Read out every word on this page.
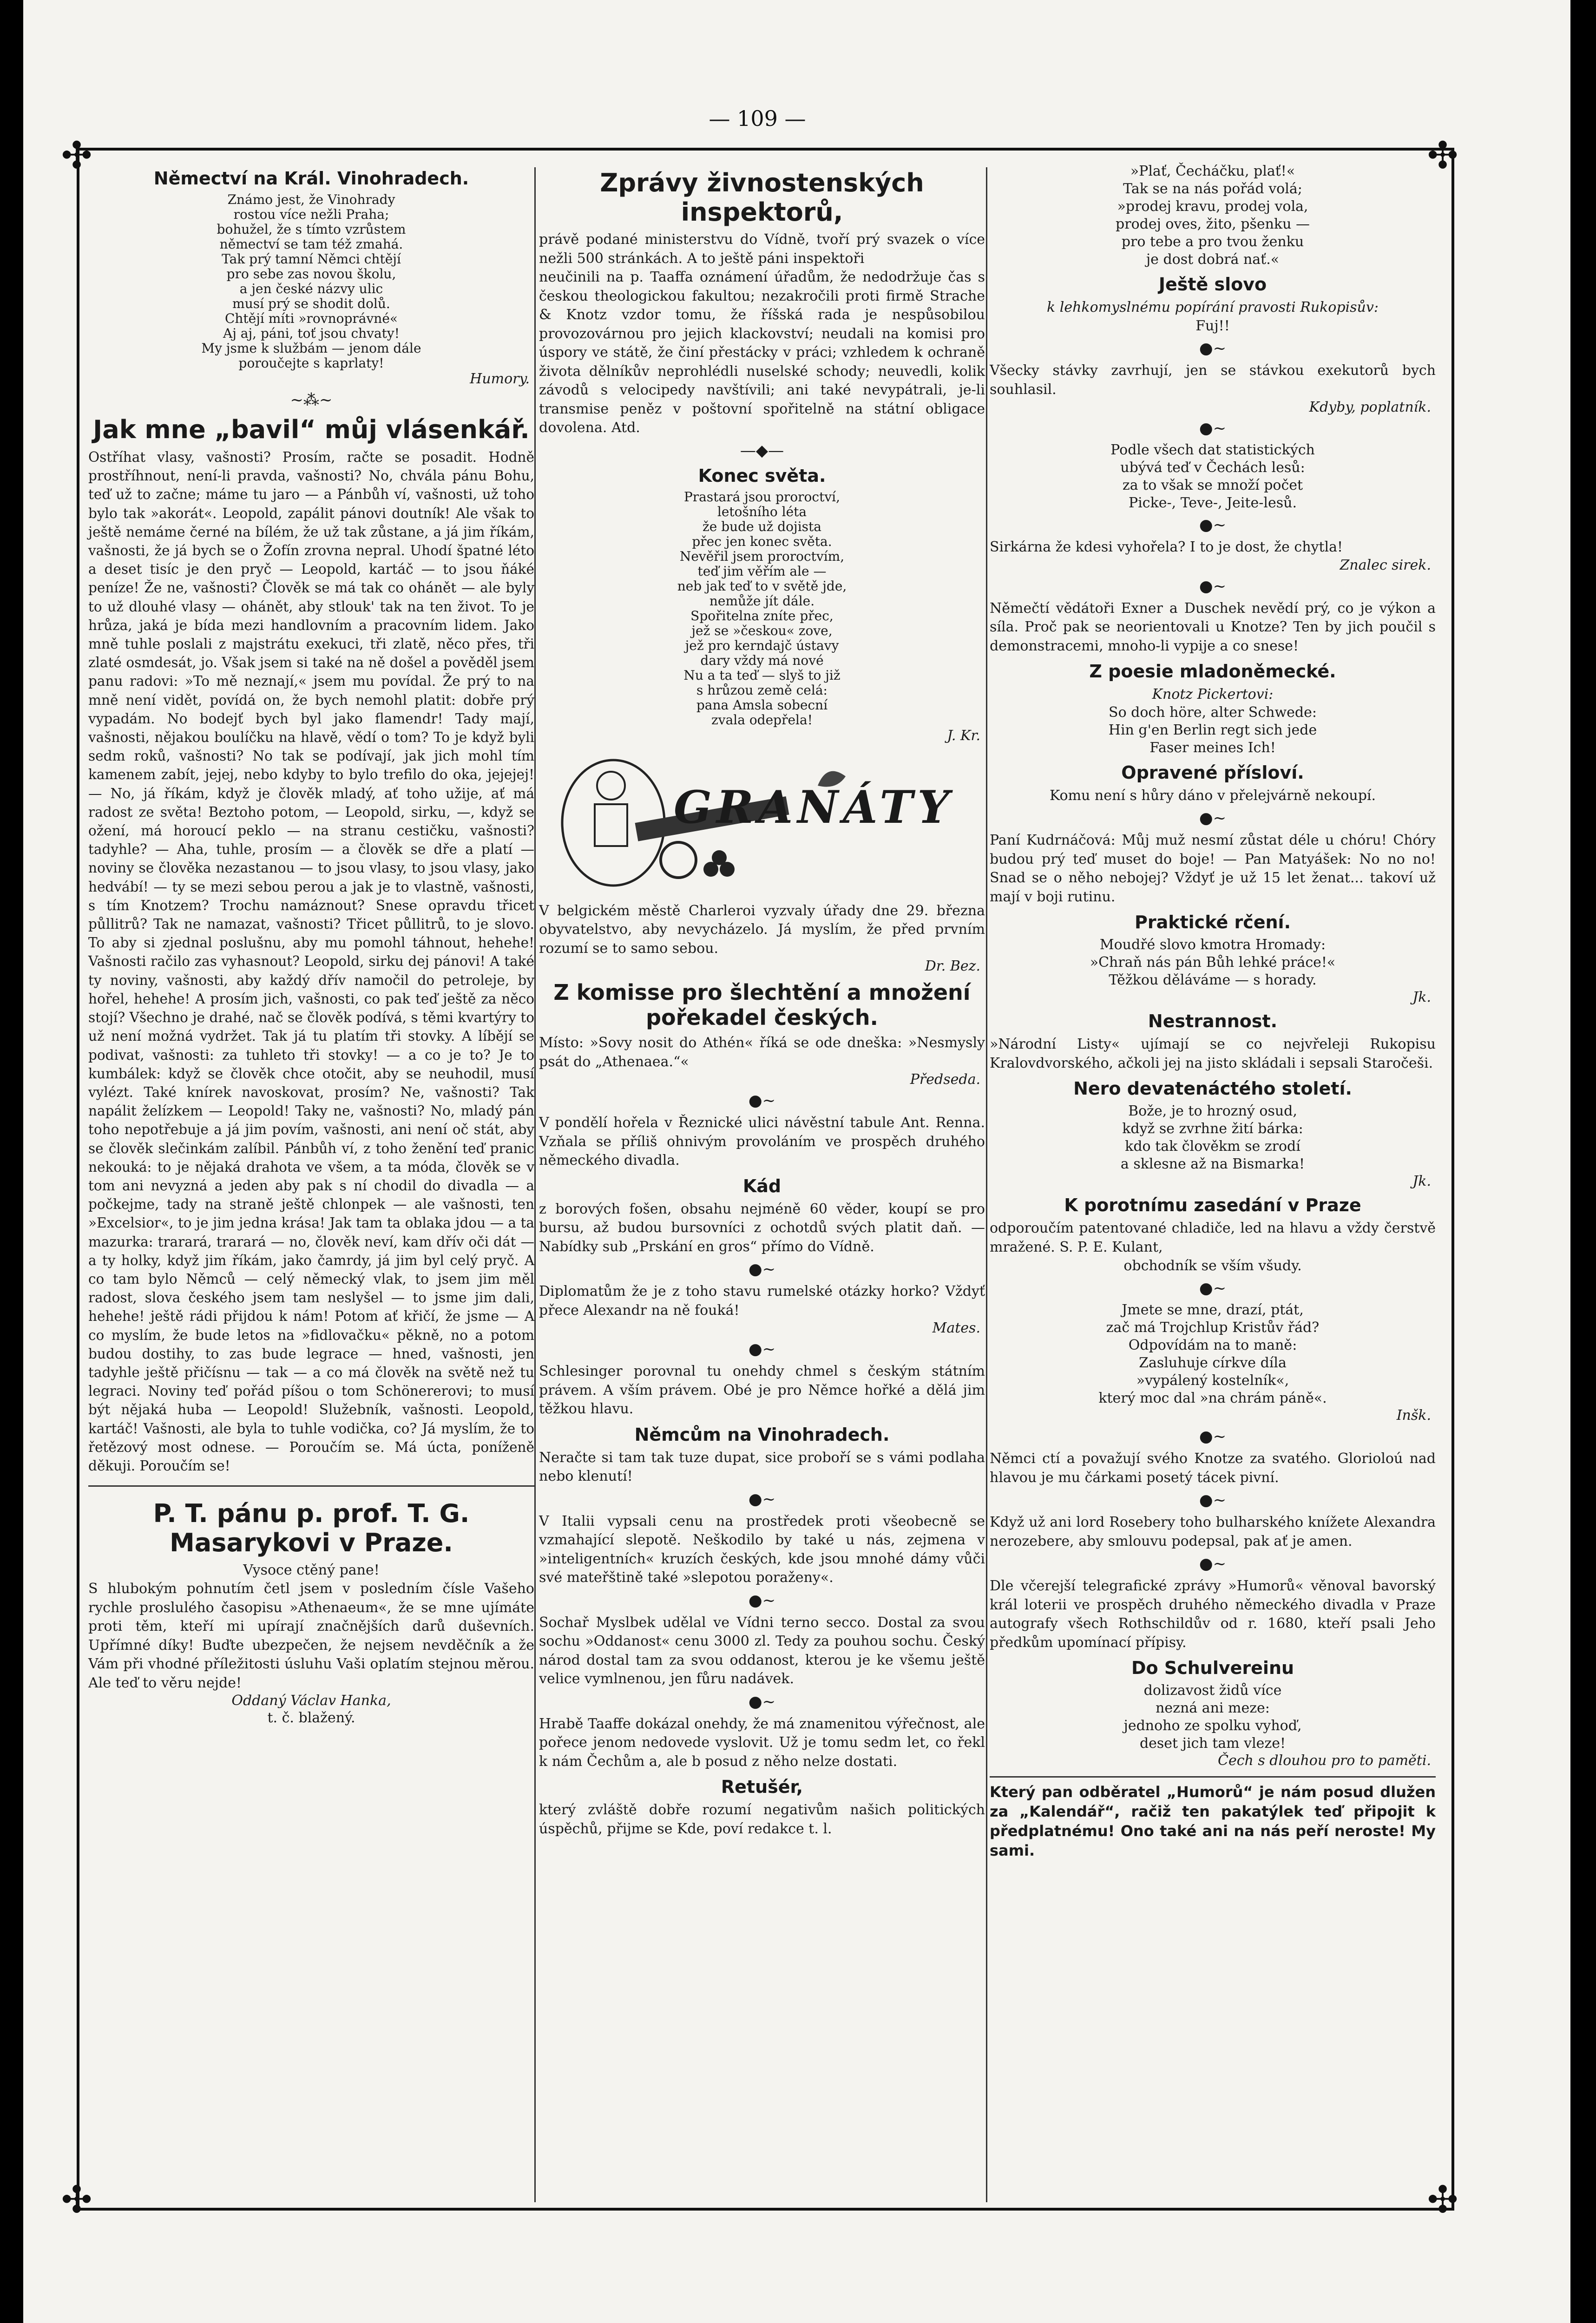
— 109 —
✣	✣
✣	✣
Němectví na Král. Vinohradech.
Známo jest, že Vinohrady
rostou více nežli Praha;
bohužel, že s tímto vzrůstem
němectví se tam též zmahá.
Tak prý tamní Němci chtějí
pro sebe zas novou školu,
a jen české názvy ulic
musí prý se shodit dolů.
Chtějí míti »rovnoprávné«
Aj aj, páni, toť jsou chvaty!
My jsme k službám — jenom dále
poroučejte s kaprlaty!
Humory.
~⁂~
Jak mne „bavil“ můj vlásenkář.
Ostříhat vlasy, vašnosti? Prosím, račte se posadit. Hodně prostříhnout, není-li pravda, vašnosti? No, chvála pánu Bohu, teď už to začne; máme tu jaro — a Pánbůh ví, vašnosti, už toho bylo tak »akorát«. Leopold, zapálit pánovi doutník! Ale však to ještě nemáme černé na bílém, že už tak zůstane, a já jim říkám, vašnosti, že já bych se o Žofín zrovna nepral. Uhodí špatné léto a deset tisíc je den pryč — Leopold, kartáč — to jsou ňáké peníze! Že ne, vašnosti? Člověk se má tak co ohánět — ale byly to už dlouhé vlasy — ohánět, aby stlouk' tak na ten život. To je hrůza, jaká je bída mezi handlovním a pracovním lidem. Jako mně tuhle poslali z majstrátu exekuci, tři zlatě, něco přes, tři zlaté osmdesát, jo. Však jsem si také na ně došel a pověděl jsem panu radovi: »To mě neznají,« jsem mu povídal. Že prý to na mně není vidět, povídá on, že bych nemohl platit: dobře prý vypadám. No bodejť bych byl jako flamendr! Tady mají, vašnosti, nějakou boulíčku na hlavě, vědí o tom? To je když byli sedm roků, vašnosti? No tak se podívají, jak jich mohl tím kamenem zabít, jejej, nebo kdyby to bylo trefilo do oka, jejejej! — No, já říkám, když je člověk mladý, ať toho užije, ať má radost ze světa! Beztoho potom, — Leopold, sirku, —, když se ožení, má horoucí peklo — na stranu cestičku, vašnosti? tadyhle? — Aha, tuhle, prosím — a člověk se dře a platí — noviny se člověka nezastanou — to jsou vlasy, to jsou vlasy, jako hedvábí! — ty se mezi sebou perou a jak je to vlastně, vašnosti, s tím Knotzem? Trochu namáznout? Snese opravdu třicet půllitrů? Tak ne namazat, vašnosti? Třicet půllitrů, to je slovo. To aby si zjednal poslušnu, aby mu pomohl táhnout, hehehe! Vašnosti račilo zas vyhasnout? Leopold, sirku dej pánovi! A také ty noviny, vašnosti, aby každý dřív namočil do petroleje, by hořel, hehehe! A prosím jich, vašnosti, co pak teď ještě za něco stojí? Všechno je drahé, nač se člověk podívá, s těmi kvartýry to už není možná vydržet. Tak já tu platím tři stovky. A líbějí se podivat, vašnosti: za tuhleto tři stovky! — a co je to? Je to kumbálek: když se člověk chce otočit, aby se neuhodil, musí vylézt. Také knírek navoskovat, prosím? Ne, vašnosti? Tak napálit želízkem — Leopold! Taky ne, vašnosti? No, mladý pán toho nepotřebuje a já jim povím, vašnosti, ani není oč stát, aby se člověk slečinkám zalíbil. Pánbůh ví, z toho ženění teď pranic nekouká: to je nějaká drahota ve všem, a ta móda, člověk se v tom ani nevyzná a jeden aby pak s ní chodil do divadla — a počkejme, tady na straně ještě chlonpek — ale vašnosti, ten »Excelsior«, to je jim jedna krása! Jak tam ta oblaka jdou — a ta mazurka: trarará, trarará — no, člověk neví, kam dřív oči dát — a ty holky, když jim říkám, jako čamrdy, já jim byl celý pryč. A co tam bylo Němců — celý německý vlak, to jsem jim měl radost, slova českého jsem tam neslyšel — to jsme jim dali, hehehe! ještě rádi přijdou k nám! Potom ať křičí, že jsme — A co myslím, že bude letos na »fidlovačku« pěkně, no a potom budou dostihy, to zas bude legrace — hned, vašnosti, jen tadyhle ještě přičísnu — tak — a co má člověk na světě než tu legraci. Noviny teď pořád píšou o tom Schönererovi; to musí být nějaká huba — Leopold! Služebník, vašnosti. Leopold, kartáč! Vašnosti, ale byla to tuhle vodička, co? Já myslím, že to řetězový most odnese. — Poroučím se. Má úcta, poníženě děkuji. Poroučím se!
P. T. pánu p. prof. T. G. Masarykovi v Praze.
Vysoce ctěný pane!
S hlubokým pohnutím četl jsem v posledním čísle Vašeho rychle proslulého časopisu »Athenaeum«, že se mne ujímáte proti těm, kteří mi upírají značnějších darů duševních. Upřímné díky! Buďte ubezpečen, že nejsem nevděčník a že Vám při vhodné příležitosti úsluhu Vaši oplatím stejnou měrou. Ale teď to věru nejde!
Oddaný Václav Hanka,
t. č. blažený.
Zprávy živnostenských inspektorů,
právě podané ministerstvu do Vídně, tvoří prý svazek o více nežli 500 stránkách. A to ještě páni inspektoři
neučinili na p. Taaffa oznámení úřadům, že nedodržuje čas s českou theologickou fakultou; nezakročili proti firmě Strache & Knotz vzdor tomu, že říšská rada je nespůsobilou provozovárnou pro jejich klackovství; neudali na komisi pro úspory ve státě, že činí přestácky v práci; vzhledem k ochraně života dělníkův neprohlédli nuselské schody; neuvedli, kolik závodů s velocipedy navštívili; ani také nevypátrali, je-li transmise peněz v poštovní spořitelně na státní obligace dovolena. Atd.
—◆—
Konec světa.
Prastará jsou proroctví,
letošního léta
že bude už dojista
přec jen konec světa.
Nevěřil jsem proroctvím,
teď jim věřím ale —
neb jak teď to v světě jde,
nemůže jít dále.
Spořitelna zníte přec,
jež se »českou« zove,
jež pro kerndajč ústavy
dary vždy má nové
Nu a ta teď — slyš to již
s hrůzou země celá:
pana Amsla sobecní
zvala odepřela!
J. Kr.
GRANÁTY
V belgickém městě Charleroi vyzvaly úřady dne 29. března obyvatelstvo, aby nevycházelo. Já myslím, že před prvním rozumí se to samo sebou.
Dr. Bez.
Z komisse pro šlechtění a množení pořekadel českých.
Místo: »Sovy nosit do Athén« říká se ode dneška: »Nesmysly psát do „Athenaea.“«
Předseda.
●~
V pondělí hořela v Řeznické ulici návěstní tabule Ant. Renna. Vzňala se příliš ohnivým provoláním ve prospěch druhého německého divadla.
Kád
z borových fošen, obsahu nejméně 60 věder, koupí se pro bursu, až budou bursovníci z ochotdů svých platit daň. — Nabídky sub „Prskání en gros“ přímo do Vídně.
●~
Diplomatům že je z toho stavu rumelské otázky horko? Vždyť přece Alexandr na ně fouká!
Mates.
●~
Schlesinger porovnal tu onehdy chmel s českým státním právem. A vším právem. Obé je pro Němce hořké a dělá jim těžkou hlavu.
Němcům na Vinohradech.
Neračte si tam tak tuze dupat, sice proboří se s vámi podlaha nebo klenutí!
●~
V Italii vypsali cenu na prostředek proti všeobecně se vzmahající slepotě. Neškodilo by také u nás, zejmena v »inteligentních« kruzích českých, kde jsou mnohé dámy vůči své mateřštině také »slepotou poraženy«.
●~
Sochař Myslbek udělal ve Vídni terno seccо. Dostal za svou sochu »Oddanost« cenu 3000 zl. Tedy za pouhou sochu. Český národ dostal tam za svou oddanost, kterou je ke všemu ještě velice vymlnenou, jen fůru nadávek.
●~
Hrabě Taaffe dokázal onehdy, že má znamenitou výřečnost, ale pořece jenom nedovede vyslovit. Už je tomu sedm let, co řekl k nám Čechům a, ale b posud z něho nelze dostati.
Retušér,
který zvláště dobře rozumí negativům našich politických úspěchů, přijme se Kde, poví redakce t. l.
»Plať, Čecháčku, plať!«
Tak se na nás pořád volá;
»prodej kravu, prodej vola,
prodej oves, žito, pšenku —
pro tebe a pro tvou ženku
je dost dobrá nať.«
Ještě slovo
k lehkomyslnému popírání pravosti Rukopisův:
Fuj!!
●~
Všecky stávky zavrhují, jen se stávkou exekutorů bych souhlasil.
Kdyby, poplatník.
●~
Podle všech dat statistických
ubývá teď v Čechách lesů:
za to však se množí počet
Picke-, Teve-, Jeite-lesů.
●~
Sirkárna že kdesi vyhořela? I to je dost, že chytla!
Znalec sirek.
●~
Němečtí vědátoři Exner a Duschek nevědí prý, co je výkon a síla. Proč pak se neorientovali u Knotze? Ten by jich poučil s demonstracemi, mnoho-li vypije a co snese!
Z poesie mladoněmecké.
Knotz Pickertovi:
So doch höre, alter Schwede:
Hin g'en Berlin regt sich jede
Faser meines Ich!
Opravené přísloví.
Komu není s hůry dáno v přelejvárně nekoupí.
●~
Paní Kudrnáčová: Můj muž nesmí zůstat déle u chóru! Chóry budou prý teď muset do boje! — Pan Matyášek: No no no! Snad se o něho nebojej? Vždyť je už 15 let ženat... takoví už mají v boji rutinu.
Praktické rčení.
Moudřé slovo kmotra Hromady:
»Chraň nás pán Bůh lehké práce!«
Těžkou děláváme — s horady.
Jk.
Nestrannost.
»Národní Listy« ujímají se co nejvřeleji Rukopisu Kralovdvorského, ačkoli jej na jisto skládali i sepsali Staročeši.
Nero devatenáctého století.
Bože, je to hrozný osud,
když se zvrhne žití bárka:
kdo tak člověkm se zrodí
a sklesne až na Bismarka!
Jk.
K porotnímu zasedání v Praze
odporoučím patentované chladiče, led na hlavu a vždy čerstvě mražené. S. P. E. Kulant,
obchodník se vším všudy.
●~
Jmete se mne, drazí, ptát,
zač má Trojchlup Kristův řád?
Odpovídám na to maně:
Zasluhuje církve díla
»vypálený kostelník«,
který moc dal »na chrám páně«.
Inšk.
●~
Němci ctí a považují svého Knotze za svatého. Glorioloú nad hlavou je mu čárkami posetý tácek pivní.
●~
Když už ani lord Rosebery toho bulharského knížete Alexandra nerozebere, aby smlouvu podepsal, pak ať je amen.
●~
Dle včerejší telegrafické zprávy »Humorů« věnoval bavorský král loterii ve prospěch druhého německého divadla v Praze autografy všech Rothschildův od r. 1680, kteří psali Jeho předkům upomínací přípisy.
Do Schulvereinu
dolizavost židů více
nezná ani meze:
jednoho ze spolku vyhoď,
deset jich tam vleze!
Čech s dlouhou pro to paměti.
Který pan odběratel „Humorů“ je nám posud dlužen za „Kalendář“, račiž ten pakatýlek teď připojit k předplatnému! Ono také ani na nás peří neroste! My sami.
